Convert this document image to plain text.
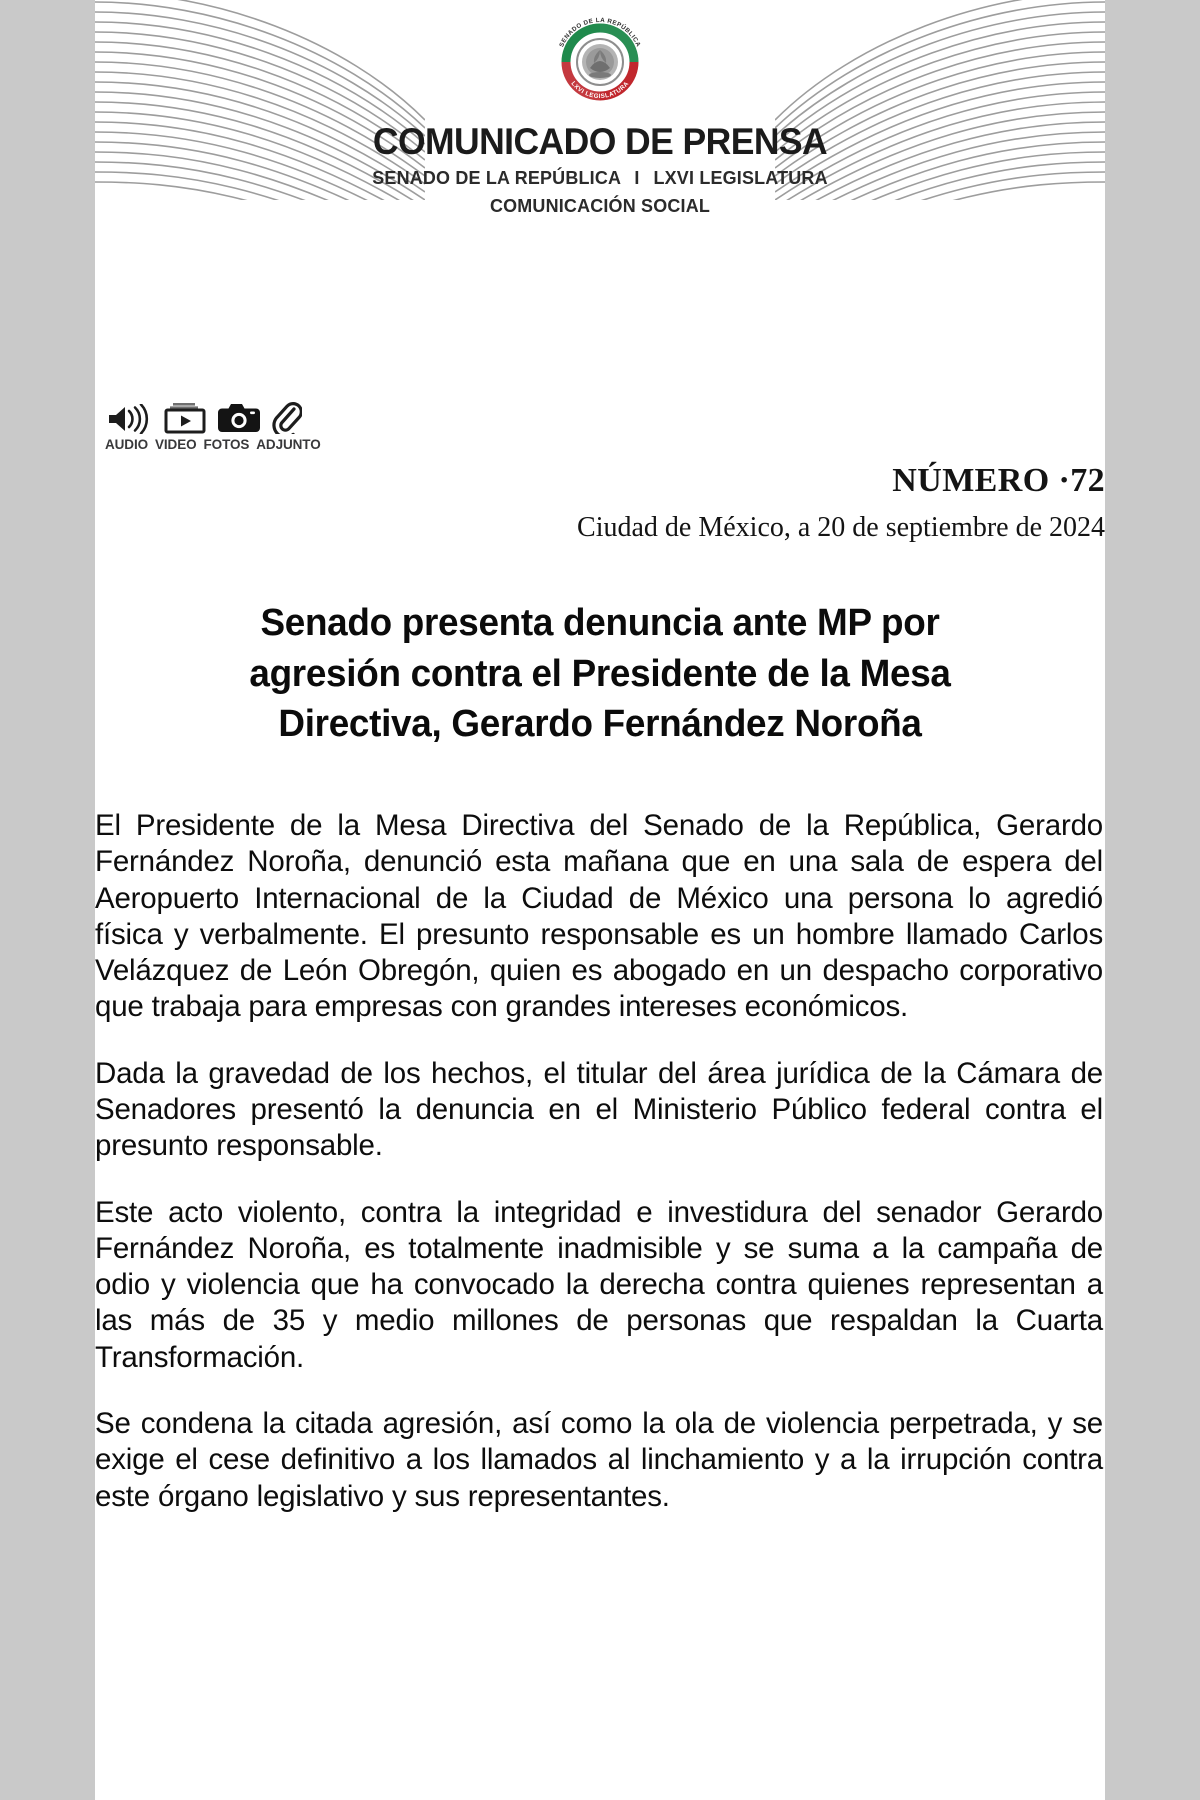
SENADO DE LA REPÚBLICA
LXVI LEGISLATURA
COMUNICADO DE PRENSA
SENADO DE LA REPÚBLICA I LXVI LEGISLATURA
COMUNICACIÓN SOCIAL
AUDIO VIDEO FOTOS ADJUNTO
NÚMERO ·72
Ciudad de México, a 20 de septiembre de 2024
Senado presenta denuncia ante MP por
agresión contra el Presidente de la Mesa
Directiva, Gerardo Fernández Noroña

El Presidente de la Mesa Directiva del Senado de la República, Gerardo Fernández Noroña, denunció esta mañana que en una sala de espera del Aeropuerto Internacional de la Ciudad de México una persona lo agredió física y verbalmente. El presunto responsable es un hombre llamado Carlos Velázquez de León Obregón, quien es abogado en un despacho corporativo que trabaja para empresas con grandes intereses económicos.

Dada la gravedad de los hechos, el titular del área jurídica de la Cámara de Senadores presentó la denuncia en el Ministerio Público federal contra el presunto responsable.

Este acto violento, contra la integridad e investidura del senador Gerardo Fernández Noroña, es totalmente inadmisible y se suma a la campaña de odio y violencia que ha convocado la derecha contra quienes representan a las más de 35 y medio millones de personas que respaldan la Cuarta Transformación.

Se condena la citada agresión, así como la ola de violencia perpetrada, y se exige el cese definitivo a los llamados al linchamiento y a la irrupción contra este órgano legislativo y sus representantes.
